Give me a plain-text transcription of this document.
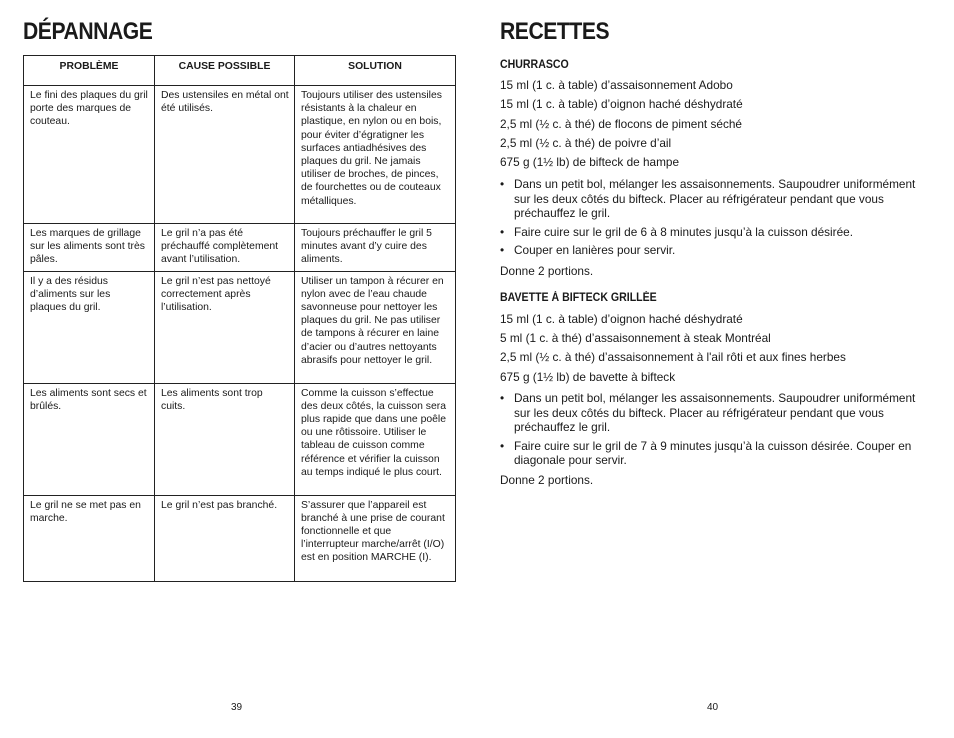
DÉPANNAGE
PROBLÈME	CAUSE POSSIBLE	SOLUTION
Le fini des plaques du gril porte des marques de couteau.	Des ustensiles en métal ont été utilisés.	Toujours utiliser des ustensiles résistants à la chaleur en plastique, en nylon ou en bois, pour éviter d’égratigner les surfaces antiadhésives des plaques du gril. Ne jamais utiliser de broches, de pinces, de fourchettes ou de couteaux métalliques.
Les marques de grillage sur les aliments sont très pâles.	Le gril n’a pas été préchauffé complètement avant l’utilisation.	Toujours préchauffer le gril 5 minutes avant d’y cuire des aliments.
Il y a des résidus d’aliments sur les plaques du gril.	Le gril n’est pas nettoyé correctement après l’utilisation.	Utiliser un tampon à récurer en nylon avec de l’eau chaude savonneuse pour nettoyer les plaques du gril. Ne pas utiliser de tampons à récurer en laine d’acier ou d’autres nettoyants abrasifs pour nettoyer le gril.
Les aliments sont secs et brûlés.	Les aliments sont trop cuits.	Comme la cuisson s’effectue des deux côtés, la cuisson sera plus rapide que dans une poêle ou une rôtissoire. Utiliser le tableau de cuisson comme référence et vérifier la cuisson au temps indiqué le plus court.
Le gril ne se met pas en marche.	Le gril n’est pas branché.	S’assurer que l’appareil est branché à une prise de courant fonctionnelle et que l’interrupteur marche/arrêt (I/O) est en position MARCHE (I).
39
RECETTES
CHURRASCO
15 ml (1 c. à table) d’assaisonnement Adobo
15 ml (1 c. à table) d’oignon haché déshydraté
2,5 ml (½ c. à thé) de flocons de piment séché
2,5 ml (½ c. à thé) de poivre d’ail
675 g (1½ lb) de bifteck de hampe
• Dans un petit bol, mélanger les assaisonnements. Saupoudrer uniformément sur les deux côtés du bifteck. Placer au réfrigérateur pendant que vous préchauffez le gril.
• Faire cuire sur le gril de 6 à 8 minutes jusqu’à la cuisson désirée.
• Couper en lanières pour servir.
Donne 2 portions.
BAVETTE À BIFTECK GRILLÉE
15 ml (1 c. à table) d’oignon haché déshydraté
5 ml (1 c. à thé) d’assaisonnement à steak Montréal
2,5 ml (½ c. à thé) d’assaisonnement à l'ail rôti et aux fines herbes
675 g (1½ lb) de bavette à bifteck
• Dans un petit bol, mélanger les assaisonnements. Saupoudrer uniformément sur les deux côtés du bifteck. Placer au réfrigérateur pendant que vous préchauffez le gril.
• Faire cuire sur le gril de 7 à 9 minutes jusqu’à la cuisson désirée. Couper en diagonale pour servir.
Donne 2 portions.
40
